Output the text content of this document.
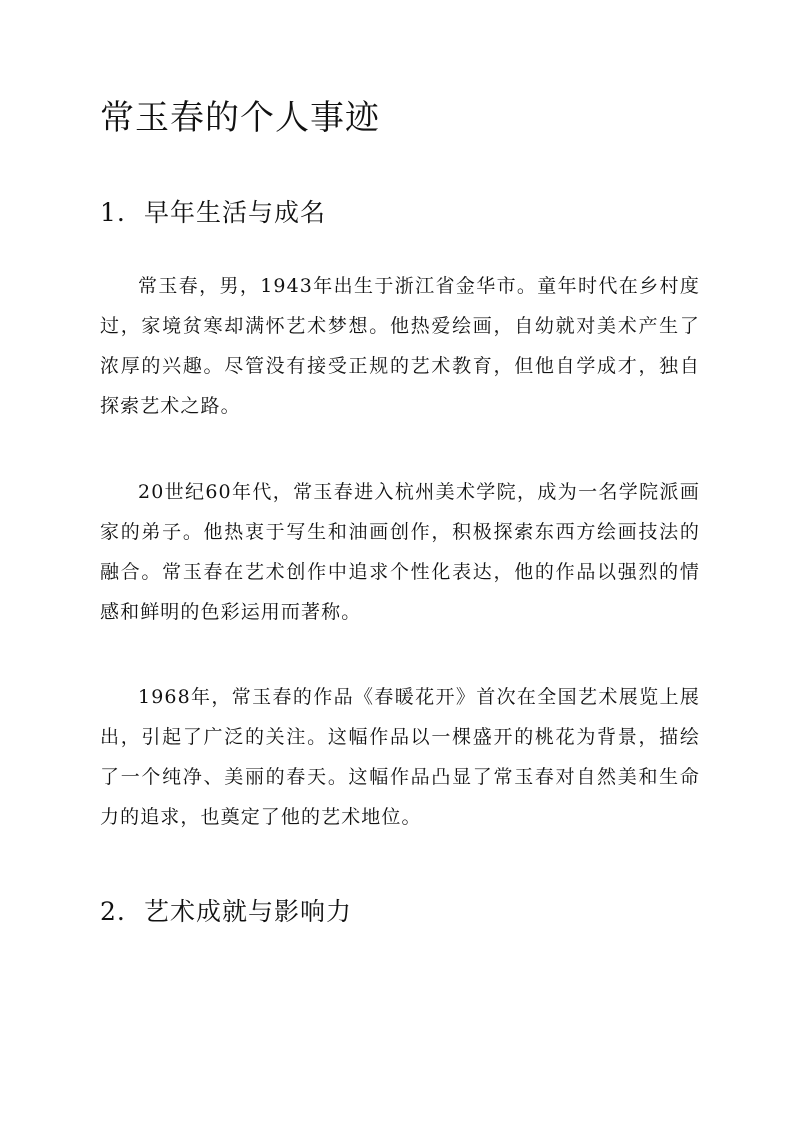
常玉春的个人事迹
1. 早年生活与成名

常玉春，男，1943年出生于浙江省金华市。童年时代在乡村度过，家境贫寒却满怀艺术梦想。他热爱绘画，自幼就对美术产生了浓厚的兴趣。尽管没有接受正规的艺术教育，但他自学成才，独自探索艺术之路。

20世纪60年代，常玉春进入杭州美术学院，成为一名学院派画家的弟子。他热衷于写生和油画创作，积极探索东西方绘画技法的融合。常玉春在艺术创作中追求个性化表达，他的作品以强烈的情感和鲜明的色彩运用而著称。

1968年，常玉春的作品《春暖花开》首次在全国艺术展览上展出，引起了广泛的关注。这幅作品以一棵盛开的桃花为背景，描绘了一个纯净、美丽的春天。这幅作品凸显了常玉春对自然美和生命力的追求，也奠定了他的艺术地位。

2. 艺术成就与影响力
